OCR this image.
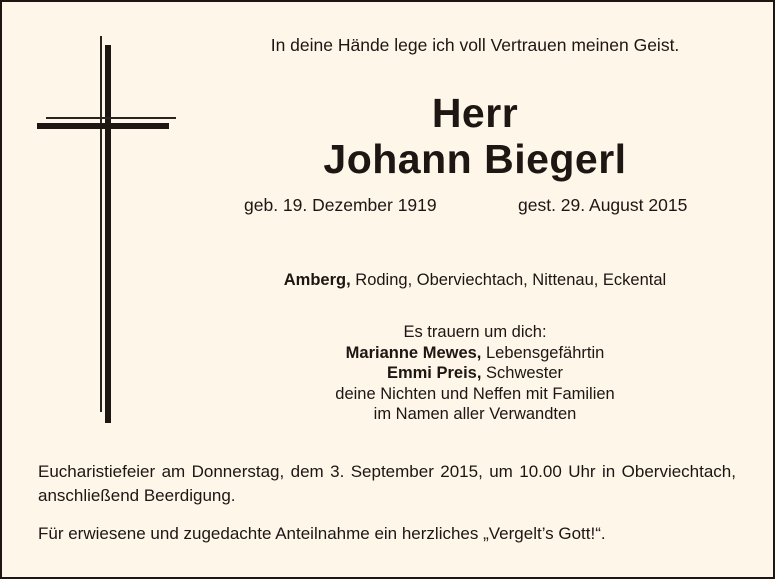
In deine Hände lege ich voll Vertrauen meinen Geist.
Herr
Johann Biegerl
geb. 19. Dezember 1919	gest. 29. August 2015
Amberg, Roding, Oberviechtach, Nittenau, Eckental
Es trauern um dich:
Marianne Mewes, Lebensgefährtin
Emmi Preis, Schwester
deine Nichten und Neffen mit Familien
im Namen aller Verwandten
Eucharistiefeier am Donnerstag, dem 3. September 2015, um 10.00 Uhr in Oberviechtach, anschließend Beerdigung.
Für erwiesene und zugedachte Anteilnahme ein herzliches „Vergelt’s Gott!“.
